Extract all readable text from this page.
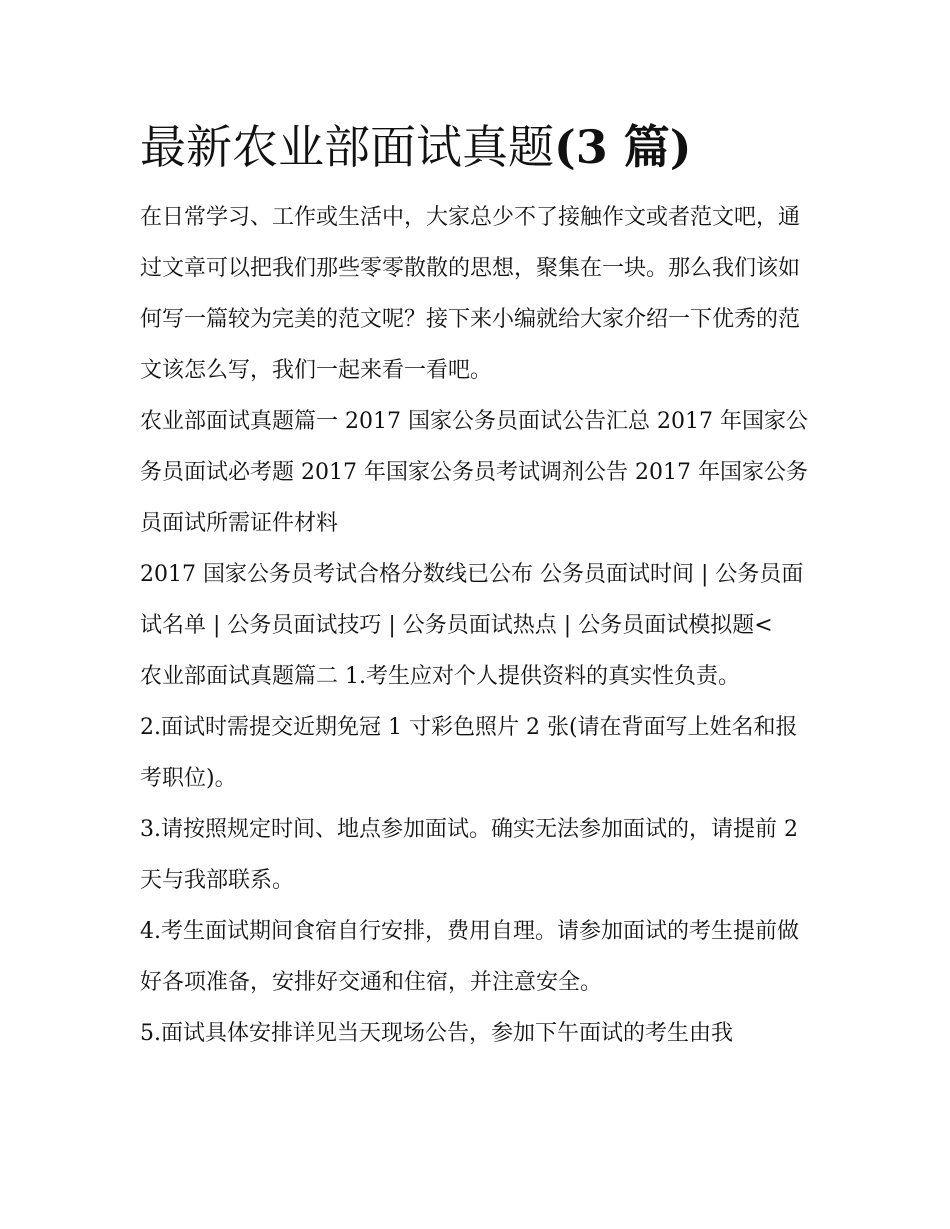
最新农业部面试真题(3 篇)

在日常学习、工作或生活中，大家总少不了接触作文或者范文吧，通过文章可以把我们那些零零散散的思想，聚集在一块。那么我们该如何写一篇较为完美的范文呢？接下来小编就给大家介绍一下优秀的范文该怎么写，我们一起来看一看吧。

农业部面试真题篇一 2017 国家公务员面试公告汇总 2017 年国家公务员面试必考题 2017 年国家公务员考试调剂公告 2017 年国家公务员面试所需证件材料

2017 国家公务员考试合格分数线已公布 公务员面试时间 | 公务员面试名单 | 公务员面试技巧 | 公务员面试热点 | 公务员面试模拟题<

农业部面试真题篇二 1.考生应对个人提供资料的真实性负责。

2.面试时需提交近期免冠 1 寸彩色照片 2 张(请在背面写上姓名和报考职位)。

3.请按照规定时间、地点参加面试。确实无法参加面试的，请提前 2 天与我部联系。

4.考生面试期间食宿自行安排，费用自理。请参加面试的考生提前做好各项准备，安排好交通和住宿，并注意安全。

5.面试具体安排详见当天现场公告，参加下午面试的考生由我
